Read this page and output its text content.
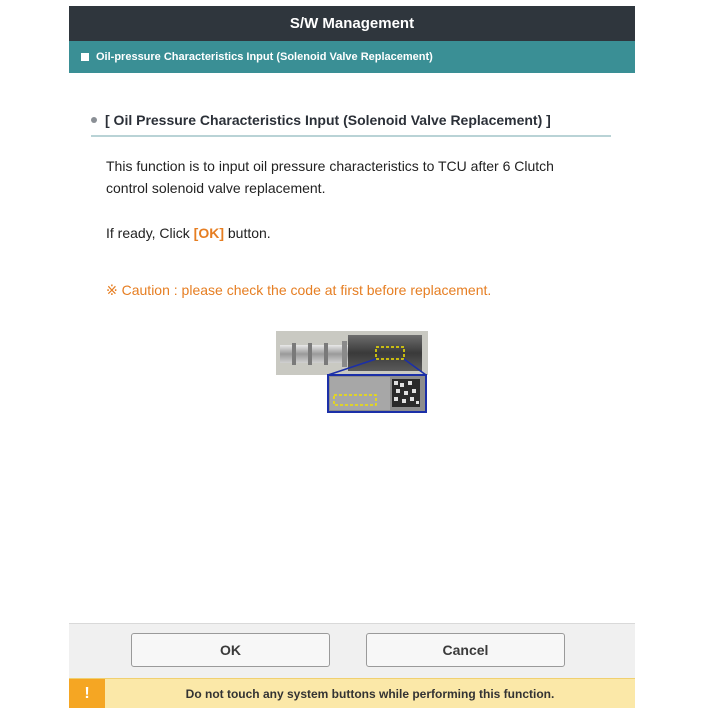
S/W Management
Oil-pressure Characteristics Input (Solenoid Valve Replacement)
[ Oil Pressure Characteristics Input (Solenoid Valve Replacement) ]
This function is to input oil pressure characteristics to TCU after 6 Clutch control solenoid valve replacement.
If ready, Click [OK] button.
※ Caution : please check the code at first before replacement.
OK	Cancel
!	Do not touch any system buttons while performing this function.
